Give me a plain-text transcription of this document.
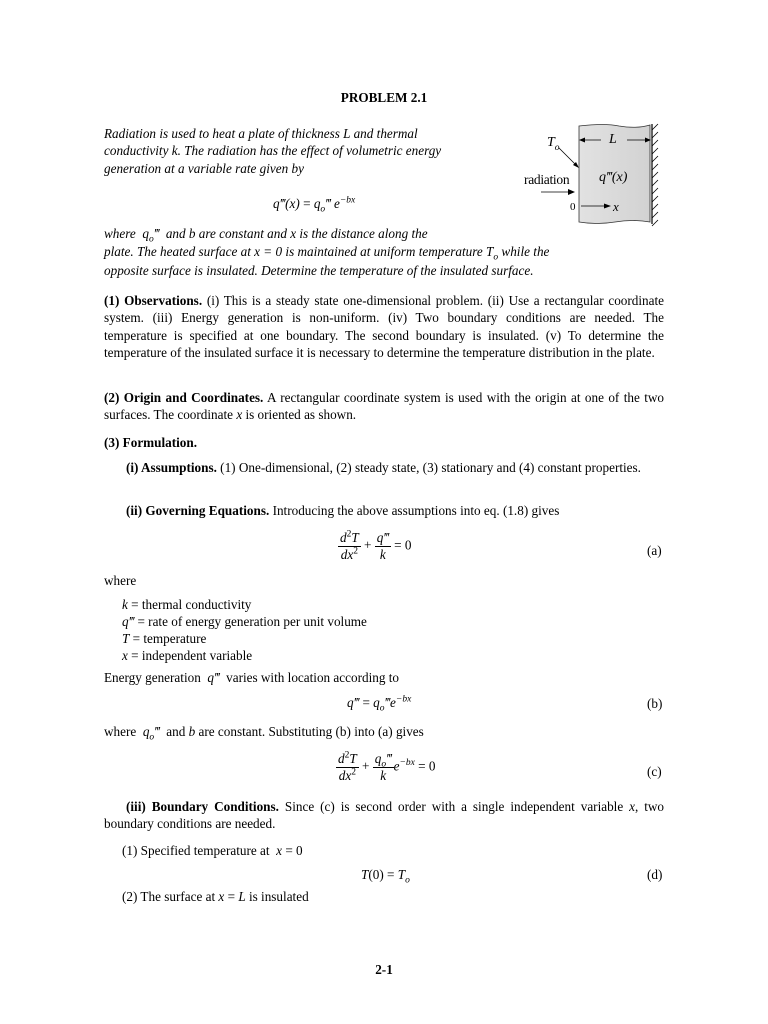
PROBLEM 2.1
Radiation is used to heat a plate of thickness L and thermal
conductivity k. The radiation has the effect of volumetric energy
generation at a variable rate given by
q‴(x) = $q_o‴$ $e^{-bx}$
where  $q_o‴$  and b are constant and x is the distance along the
plate. The heated surface at x = 0 is maintained at uniform temperature $T_o$ while the
opposite surface is insulated. Determine the temperature of the insulated surface.
$T_o$
L
radiation q‴(x)
0	x
(1) Observations. (i) This is a steady state one-dimensional problem. (ii) Use a rectangular coordinate system. (iii) Energy generation is non-uniform. (iv) Two boundary conditions are needed. The temperature is specified at one boundary. The second boundary is insulated. (v) To determine the temperature of the insulated surface it is necessary to determine the temperature distribution in the plate.
(2) Origin and Coordinates. A rectangular coordinate system is used with the origin at one of the two surfaces. The coordinate x is oriented as shown.
(3) Formulation.
(i) Assumptions. (1) One-dimensional, (2) steady state, (3) stationary and (4) constant properties.
(ii) Governing Equations. Introducing the above assumptions into eq. (1.8) gives
$\frac{d^2T}{dx^2} + \frac{q‴}{k} = 0$	(a)
where
k = thermal conductivity
q‴ = rate of energy generation per unit volume
T = temperature
x = independent variable
Energy generation q‴ varies with location according to
q‴ = $q_o‴e^{-bx}$	(b)
where $q_o‴$ and b are constant. Substituting (b) into (a) gives
$\frac{d^2T}{dx^2} + \frac{q_o‴}{k} e^{-bx} = 0$	(c)
(iii) Boundary Conditions. Since (c) is second order with a single independent variable x, two boundary conditions are needed.
(1) Specified temperature at x = 0
$T(0) = T_o$	(d)
(2) The surface at x = L is insulated
2-1
